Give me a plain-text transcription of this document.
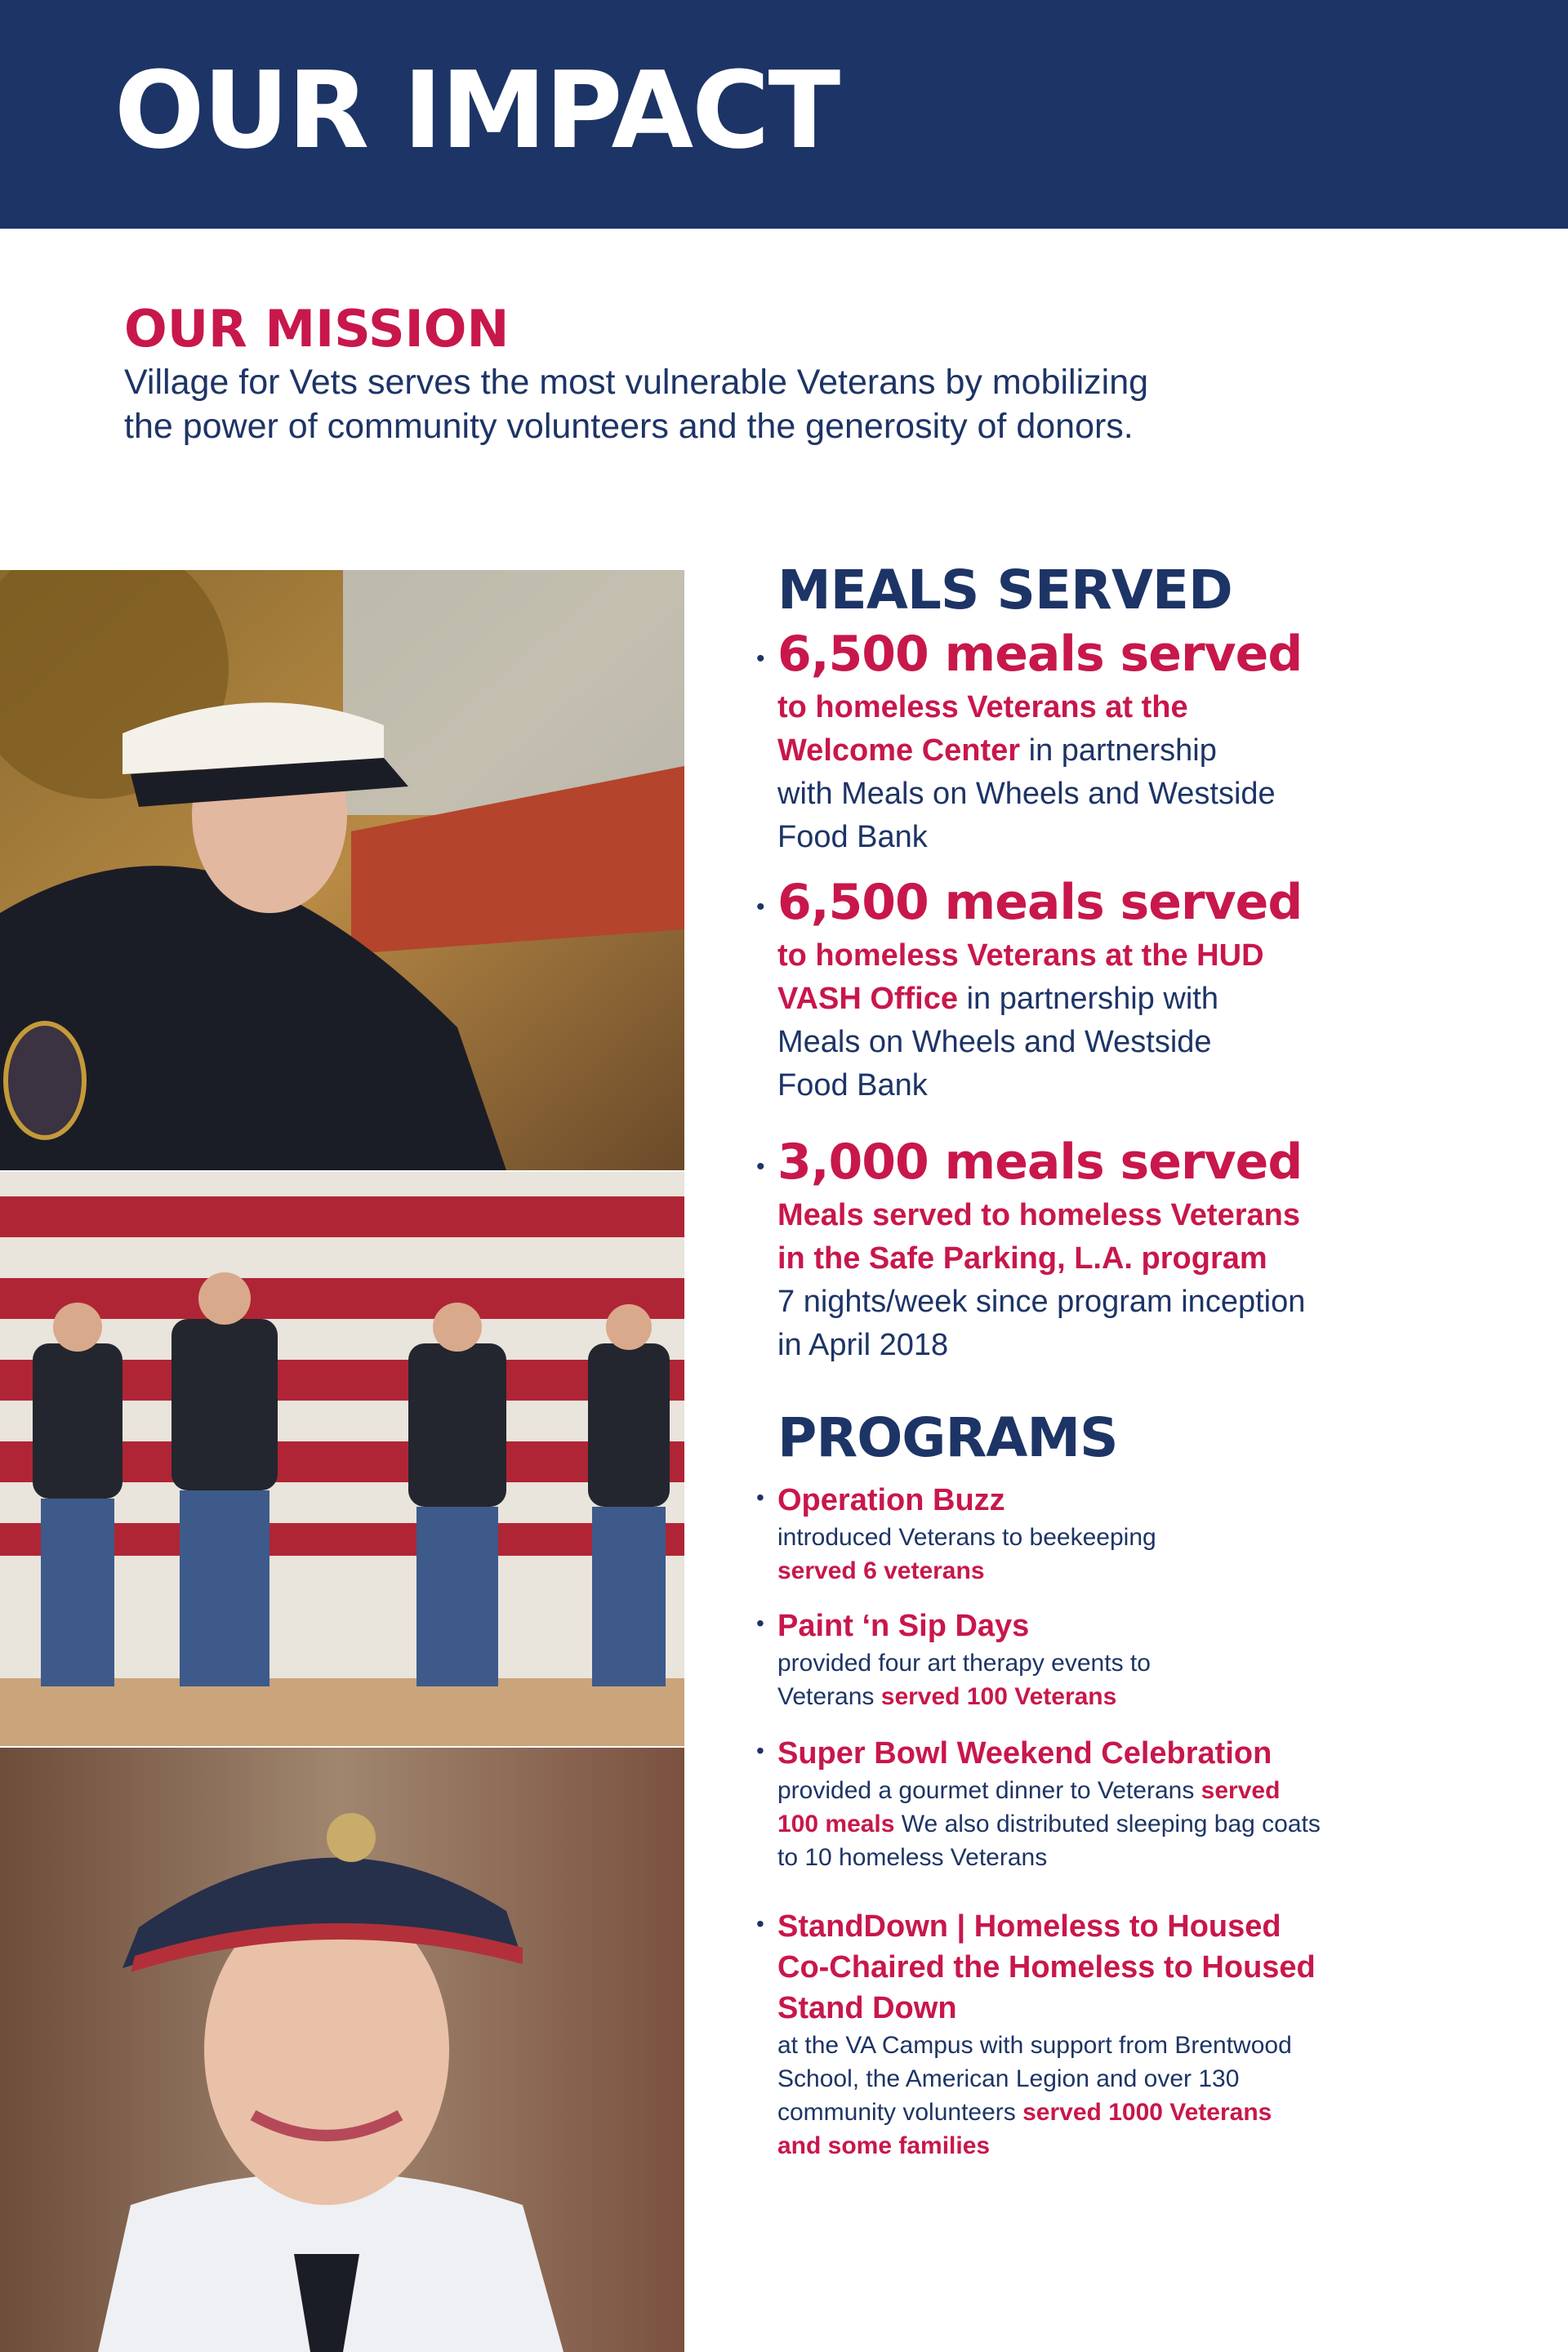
OUR IMPACT
OUR MISSION

Village for Vets serves the most vulnerable Veterans by mobilizing
the power of community volunteers and the generosity of donors.

MEALS SERVED
• 6,500 meals served
to homeless Veterans at the
Welcome Center in partnership
with Meals on Wheels and Westside
Food Bank
• 6,500 meals served
to homeless Veterans at the HUD
VASH Office in partnership with
Meals on Wheels and Westside
Food Bank
• 3,000 meals served
Meals served to homeless Veterans
in the Safe Parking, L.A. program
7 nights/week since program inception
in April 2018
PROGRAMS
• Operation Buzz
introduced Veterans to beekeeping
served 6 veterans
• Paint ‘n Sip Days
provided four art therapy events to
Veterans served 100 Veterans
• Super Bowl Weekend Celebration
provided a gourmet dinner to Veterans served
100 meals We also distributed sleeping bag coats
to 10 homeless Veterans
• StandDown | Homeless to Housed
Co-Chaired the Homeless to Housed
Stand Down
at the VA Campus with support from Brentwood
School, the American Legion and over 130
community volunteers served 1000 Veterans
and some families
